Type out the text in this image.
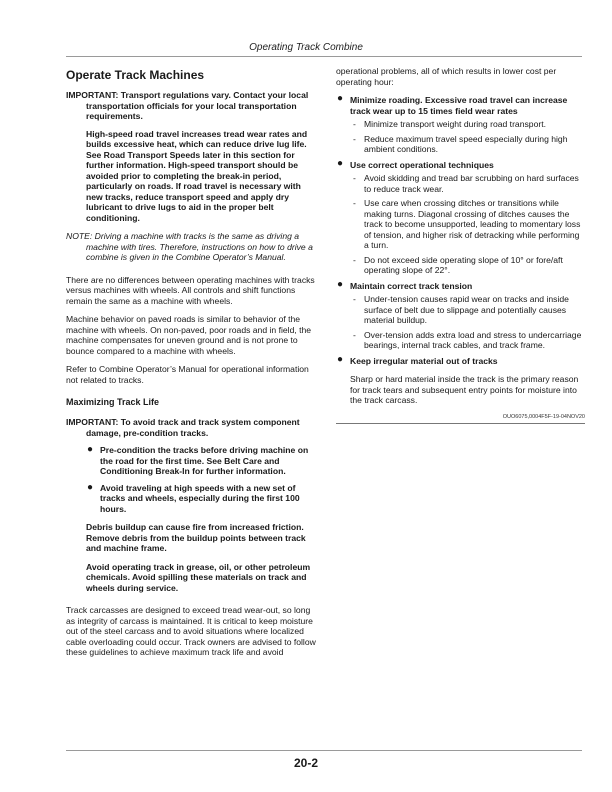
Operating Track Combine
Operate Track Machines

IMPORTANT: Transport regulations vary. Contact your local transportation officials for your local transportation requirements.

High-speed road travel increases tread wear rates and builds excessive heat, which can reduce drive lug life. See Road Transport Speeds later in this section for further information. High-speed transport should be avoided prior to completing the break-in period, particularly on roads. If road travel is necessary with new tracks, reduce transport speed and apply dry lubricant to drive lugs to aid in the proper belt conditioning.

NOTE: Driving a machine with tracks is the same as driving a machine with tires. Therefore, instructions on how to drive a combine is given in the Combine Operator’s Manual.

There are no differences between operating machines with tracks versus machines with wheels. All controls and shift functions remain the same as a machine with wheels.

Machine behavior on paved roads is similar to behavior of the machine with wheels. On non-paved, poor roads and in field, the machine compensates for uneven ground and is not prone to bounce compared to a machine with wheels.

Refer to Combine Operator’s Manual for operational information not related to tracks.

Maximizing Track Life

IMPORTANT: To avoid track and track system component damage, pre-condition tracks.

● Pre-condition the tracks before driving machine on the road for the first time. See Belt Care and Conditioning Break-In for further information.
● Avoid traveling at high speeds with a new set of tracks and wheels, especially during the first 100 hours.

Debris buildup can cause fire from increased friction. Remove debris from the buildup points between track and machine frame.

Avoid operating track in grease, oil, or other petroleum chemicals. Avoid spilling these materials on track and wheels during service.

Track carcasses are designed to exceed tread wear-out, so long as integrity of carcass is maintained. It is critical to keep moisture out of the steel carcass and to avoid situations where localized cable overloading could occur. Track owners are advised to follow these guidelines to achieve maximum track life and avoid

operational problems, all of which results in lower cost per operating hour:

● Minimize roading. Excessive road travel can increase track wear up to 15 times field wear rates
- Minimize transport weight during road transport.
- Reduce maximum travel speed especially during high ambient conditions.
● Use correct operational techniques
- Avoid skidding and tread bar scrubbing on hard surfaces to reduce track wear.
- Use care when crossing ditches or transitions while making turns. Diagonal crossing of ditches causes the track to become unsupported, leading to momentary loss of tension, and higher risk of detracking while performing a turn.
- Do not exceed side operating slope of 10° or fore/aft operating slope of 22°.
● Maintain correct track tension
- Under-tension causes rapid wear on tracks and inside surface of belt due to slippage and potentially causes material buildup.
- Over-tension adds extra load and stress to undercarriage bearings, internal track cables, and track frame.
● Keep irregular material out of tracks

Sharp or hard material inside the track is the primary reason for track tears and subsequent entry points for moisture into the track carcass.

OUO6075,0004F5F-19-04NOV20
20-2
